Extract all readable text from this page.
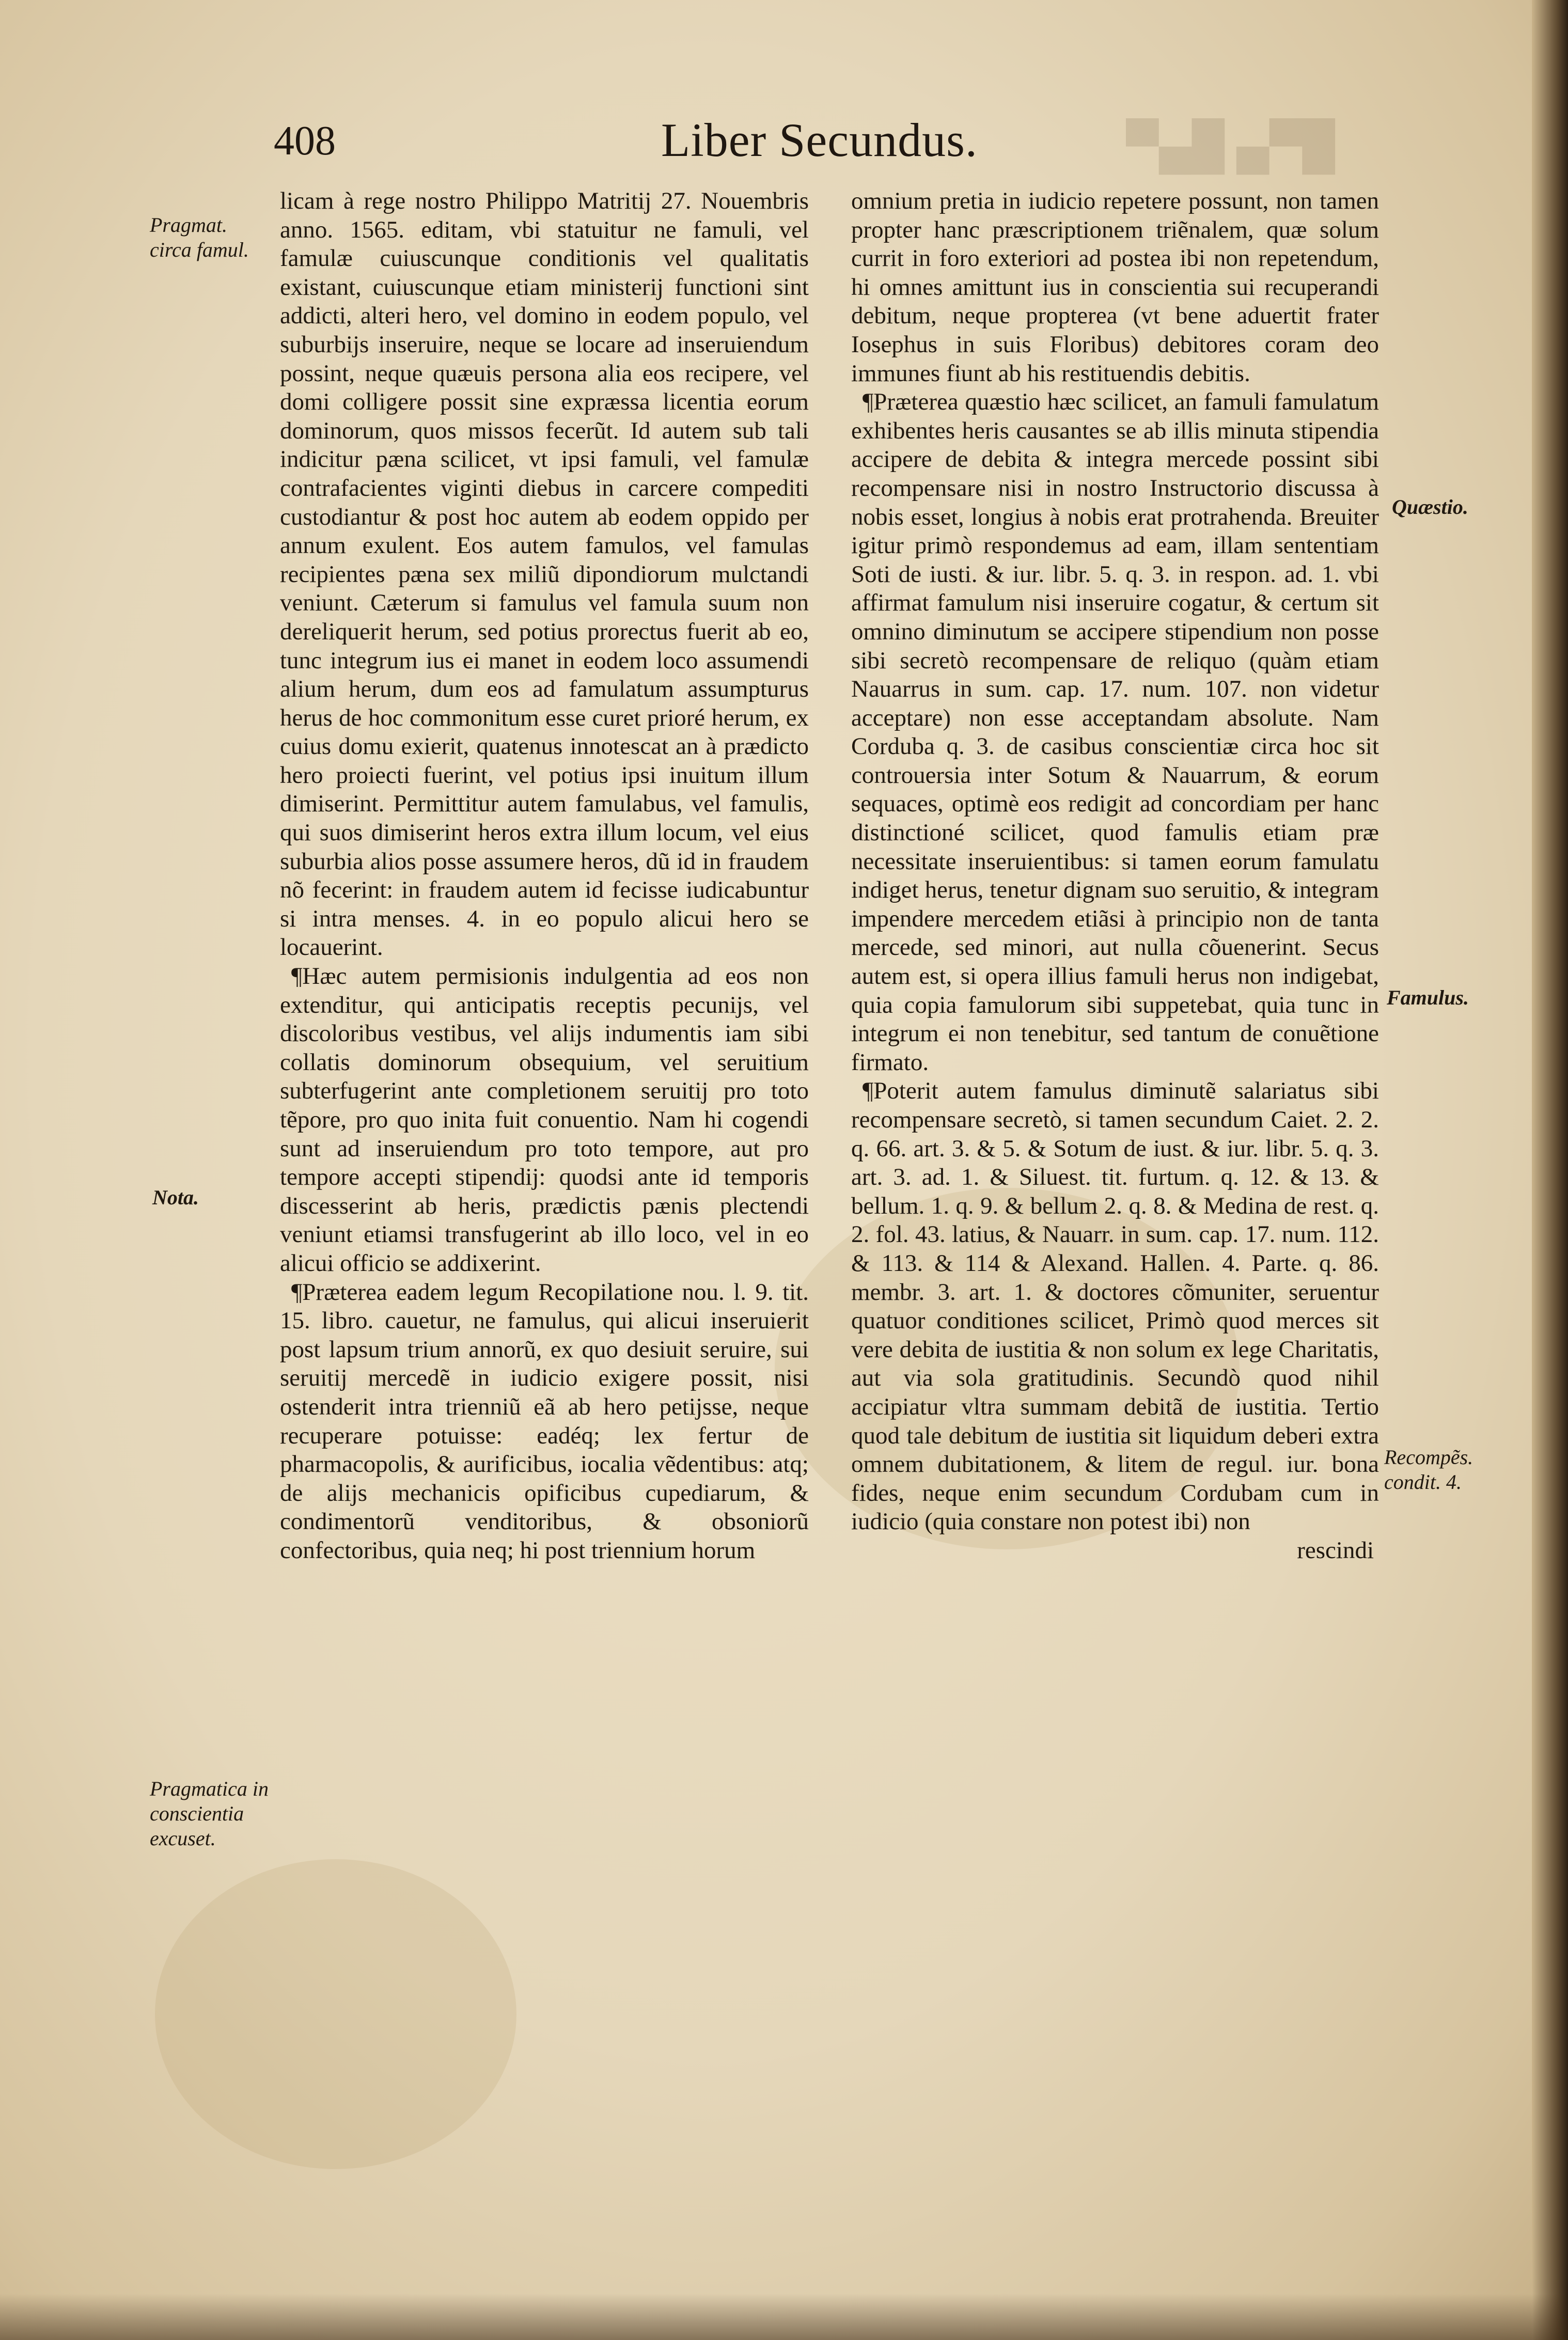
█▀▄ █▄▀
408	Liber Secundus.

licam à rege nostro Philippo Matritij 27. Nouembris anno. 1565. editam, vbi statuitur ne famuli, vel famulæ cuiuscunque conditionis vel qualitatis existant, cuiuscunque etiam ministerij functioni sint addicti, alteri hero, vel domino in eodem populo, vel suburbijs inseruire, neque se locare ad inseruiendum possint, neque quæuis persona alia eos recipere, vel domi colligere possit sine expræssa licentia eorum dominorum, quos missos fecerũt. Id autem sub tali indicitur pæna scilicet, vt ipsi famuli, vel famulæ contrafacientes viginti diebus in carcere compediti custodiantur & post hoc autem ab eodem oppido per annum exulent. Eos autem famulos, vel famulas recipientes pæna sex miliũ dipondiorum mulctandi veniunt. Cæterum si famulus vel famula suum non dereliquerit herum, sed potius prorectus fuerit ab eo, tunc integrum ius ei manet in eodem loco assumendi alium herum, dum eos ad famulatum assumpturus herus de hoc commonitum esse curet prioré herum, ex cuius domu exierit, quatenus innotescat an à prædicto hero proiecti fuerint, vel potius ipsi inuitum illum dimiserint. Permittitur autem famulabus, vel famulis, qui suos dimiserint heros extra illum locum, vel eius suburbia alios posse assumere heros, dũ id in fraudem nõ fecerint: in fraudem autem id fecisse iudicabuntur si intra menses. 4. in eo populo alicui hero se locauerint.

¶Hæc autem permisionis indulgentia ad eos non extenditur, qui anticipatis receptis pecunijs, vel discoloribus vestibus, vel alijs indumentis iam sibi collatis dominorum obsequium, vel seruitium subterfugerint ante completionem seruitij pro toto tẽpore, pro quo inita fuit conuentio. Nam hi cogendi sunt ad inseruiendum pro toto tempore, aut pro tempore accepti stipendij: quodsi ante id temporis discesserint ab heris, prædictis pænis plectendi veniunt etiamsi transfugerint ab illo loco, vel in eo alicui officio se addixerint.

¶Præterea eadem legum Recopilatione nou. l. 9. tit. 15. libro. cauetur, ne famulus, qui alicui inseruierit post lapsum trium annorũ, ex quo desiuit seruire, sui seruitij mercedẽ in iudicio exigere possit, nisi ostenderit intra trienniũ eã ab hero petijsse, neque recuperare potuisse: eadéq; lex fertur de pharmacopolis, & aurificibus, iocalia vẽdentibus: atq; de alijs mechanicis opificibus cupediarum, & condimentorũ venditoribus, & obsoniorũ confectoribus, quia neq; hi post triennium horum

omnium pretia in iudicio repetere possunt, non tamen propter hanc præscriptionem triẽnalem, quæ solum currit in foro exteriori ad postea ibi non repetendum, hi omnes amittunt ius in conscientia sui recuperandi debitum, neque propterea (vt bene aduertit frater Iosephus in suis Floribus) debitores coram deo immunes fiunt ab his restituendis debitis.

¶Præterea quæstio hæc scilicet, an famuli famulatum exhibentes heris causantes se ab illis minuta stipendia accipere de debita & integra mercede possint sibi recompensare nisi in nostro Instructorio discussa à nobis esset, longius à nobis erat protrahenda. Breuiter igitur primò respondemus ad eam, illam sententiam Soti de iusti. & iur. libr. 5. q. 3. in respon. ad. 1. vbi affirmat famulum nisi inseruire cogatur, & certum sit omnino diminutum se accipere stipendium non posse sibi secretò recompensare de reliquo (quàm etiam Nauarrus in sum. cap. 17. num. 107. non videtur acceptare) non esse acceptandam absolute. Nam Corduba q. 3. de casibus conscientiæ circa hoc sit controuersia inter Sotum & Nauarrum, & eorum sequaces, optimè eos redigit ad concordiam per hanc distinctioné scilicet, quod famulis etiam præ necessitate inseruientibus: si tamen eorum famulatu indiget herus, tenetur dignam suo seruitio, & integram impendere mercedem etiãsi à principio non de tanta mercede, sed minori, aut nulla cõuenerint. Secus autem est, si opera illius famuli herus non indigebat, quia copia famulorum sibi suppetebat, quia tunc in integrum ei non tenebitur, sed tantum de conuẽtione firmato.

¶Poterit autem famulus diminutẽ salariatus sibi recompensare secretò, si tamen secundum Caiet. 2. 2. q. 66. art. 3. & 5. & Sotum de iust. & iur. libr. 5. q. 3. art. 3. ad. 1. & Siluest. tit. furtum. q. 12. & 13. & bellum. 1. q. 9. & bellum 2. q. 8. & Medina de rest. q. 2. fol. 43. latius, & Nauarr. in sum. cap. 17. num. 112. & 113. & 114 & Alexand. Hallen. 4. Parte. q. 86. membr. 3. art. 1. & doctores cõmuniter, seruentur quatuor conditiones scilicet, Primò quod merces sit vere debita de iustitia & non solum ex lege Charitatis, aut via sola gratitudinis. Secundò quod nihil accipiatur vltra summam debitã de iustitia. Tertio quod tale debitum de iustitia sit liquidum deberi extra omnem dubitationem, & litem de regul. iur. bona fides, neque enim secundum Cordubam cum in iudicio (quia constare non potest ibi) non

rescindi
Pragmat. circa famul.
Nota.
Pragmatica in conscientia excuset.
Quæstio.
Famulus.
Recompẽs. condit. 4.
